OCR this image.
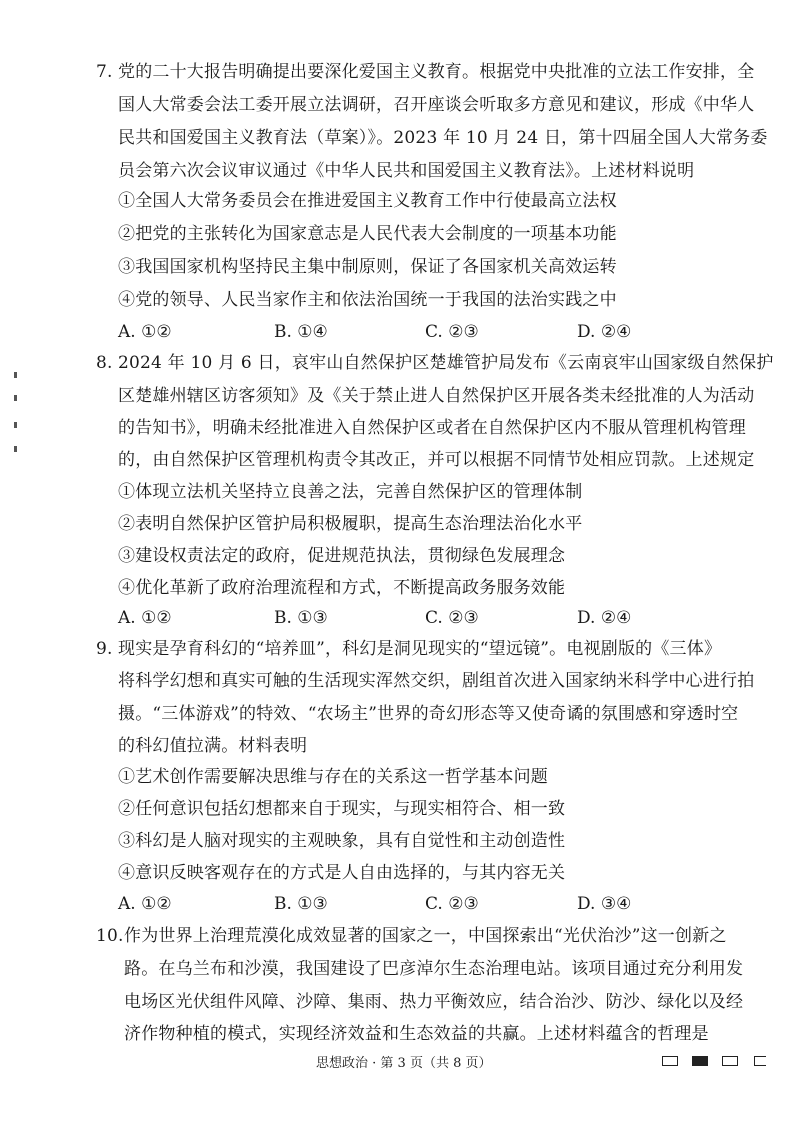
7. 党的二十大报告明确提出要深化爱国主义教育。根据党中央批准的立法工作安排，全
国人大常委会法工委开展立法调研，召开座谈会听取多方意见和建议，形成《中华人
民共和国爱国主义教育法（草案）》。2023 年 10 月 24 日，第十四届全国人大常务委
员会第六次会议审议通过《中华人民共和国爱国主义教育法》。上述材料说明
①全国人大常务委员会在推进爱国主义教育工作中行使最高立法权
②把党的主张转化为国家意志是人民代表大会制度的一项基本功能
③我国国家机构坚持民主集中制原则，保证了各国家机关高效运转
④党的领导、人民当家作主和依法治国统一于我国的法治实践之中
A. ①②	B. ①④	C. ②③	D. ②④
8. 2024 年 10 月 6 日，哀牢山自然保护区楚雄管护局发布《云南哀牢山国家级自然保护
区楚雄州辖区访客须知》及《关于禁止进人自然保护区开展各类未经批准的人为活动
的告知书》，明确未经批准进入自然保护区或者在自然保护区内不服从管理机构管理
的，由自然保护区管理机构责令其改正，并可以根据不同情节处相应罚款。上述规定
①体现立法机关坚持立良善之法，完善自然保护区的管理体制
②表明自然保护区管护局积极履职，提高生态治理法治化水平
③建设权责法定的政府，促进规范执法，贯彻绿色发展理念
④优化革新了政府治理流程和方式，不断提高政务服务效能
A. ①②	B. ①③	C. ②③	D. ②④
9. 现实是孕育科幻的“培养皿”，科幻是洞见现实的“望远镜”。电视剧版的《三体》
将科学幻想和真实可触的生活现实浑然交织，剧组首次进入国家纳米科学中心进行拍
摄。“三体游戏”的特效、“农场主”世界的奇幻形态等又使奇谲的氛围感和穿透时空
的科幻值拉满。材料表明
①艺术创作需要解决思维与存在的关系这一哲学基本问题
②任何意识包括幻想都来自于现实，与现实相符合、相一致
③科幻是人脑对现实的主观映象，具有自觉性和主动创造性
④意识反映客观存在的方式是人自由选择的，与其内容无关
A. ①②	B. ①③	C. ②③	D. ③④
10. 作为世界上治理荒漠化成效显著的国家之一，中国探索出“光伏治沙”这一创新之
路。在乌兰布和沙漠，我国建设了巴彦淖尔生态治理电站。该项目通过充分利用发
电场区光伏组件风障、沙障、集雨、热力平衡效应，结合治沙、防沙、绿化以及经
济作物种植的模式，实现经济效益和生态效益的共赢。上述材料蕴含的哲理是
思想政治 · 第 3 页（共 8 页）
